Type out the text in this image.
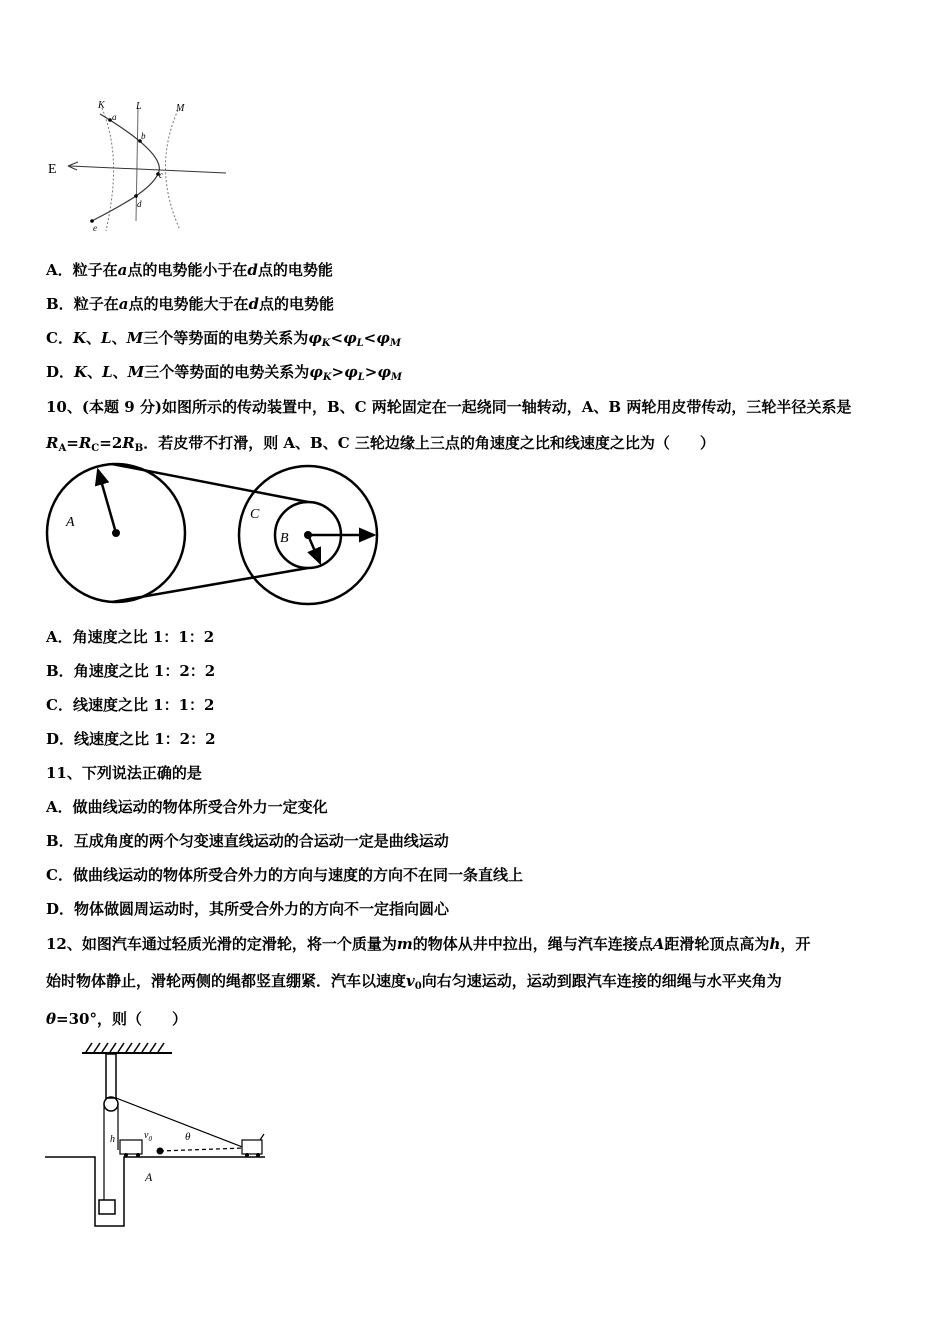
E
K	L	M
a
b
c
d
e
A．粒子在a点的电势能小于在d点的电势能
B．粒子在a点的电势能大于在d点的电势能
C．K、L、M三个等势面的电势关系为$\varphi_K<\varphi_L<\varphi_M$
D．K、L、M三个等势面的电势关系为$\varphi_K>\varphi_L>\varphi_M$
10、(本题 9 分)如图所示的传动装置中，B、C 两轮固定在一起绕同一轴转动，A、B 两轮用皮带传动，三轮半径关系是
$R_A=R_C=2R_B$．若皮带不打滑，则 A、B、C 三轮边缘上三点的角速度之比和线速度之比为（　　）
A
C
B
A．角速度之比 1：1：2
B．角速度之比 1：2：2
C．线速度之比 1：1：2
D．线速度之比 1：2：2
11、下列说法正确的是
A．做曲线运动的物体所受合外力一定变化
B．互成角度的两个匀变速直线运动的合运动一定是曲线运动
C．做曲线运动的物体所受合外力的方向与速度的方向不在同一条直线上
D．物体做圆周运动时，其所受合外力的方向不一定指向圆心
12、如图汽车通过轻质光滑的定滑轮，将一个质量为m的物体从井中拉出，绳与汽车连接点A距滑轮顶点高为h，开
始时物体静止，滑轮两侧的绳都竖直绷紧．汽车以速度$v_0$向右匀速运动，运动到跟汽车连接的细绳与水平夹角为
θ=30°，则（　　）
h	$v_0$	θ
A
